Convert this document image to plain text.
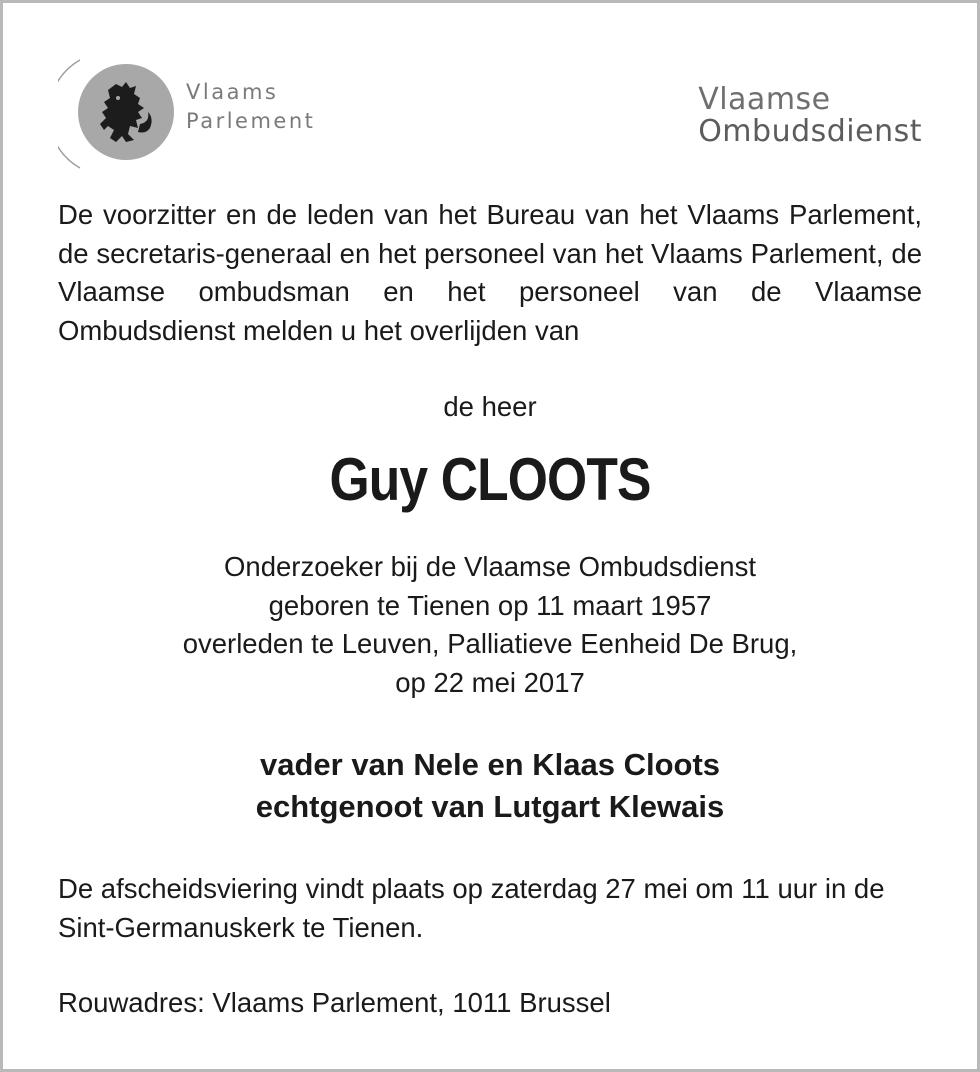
Vlaams
Parlement
Vlaamse
Ombudsdienst
De voorzitter en de leden van het Bureau van het Vlaams Parlement, de secretaris-generaal en het personeel van het Vlaams Parlement, de Vlaamse ombudsman en het personeel van de Vlaamse Ombudsdienst melden u het overlijden van
de heer
Guy CLOOTS
Onderzoeker bij de Vlaamse Ombudsdienst
geboren te Tienen op 11 maart 1957
overleden te Leuven, Palliatieve Eenheid De Brug,
op 22 mei 2017
vader van Nele en Klaas Cloots
echtgenoot van Lutgart Klewais
De afscheidsviering vindt plaats op zaterdag 27 mei om 11 uur in de Sint-Germanuskerk te Tienen.
Rouwadres: Vlaams Parlement, 1011 Brussel
